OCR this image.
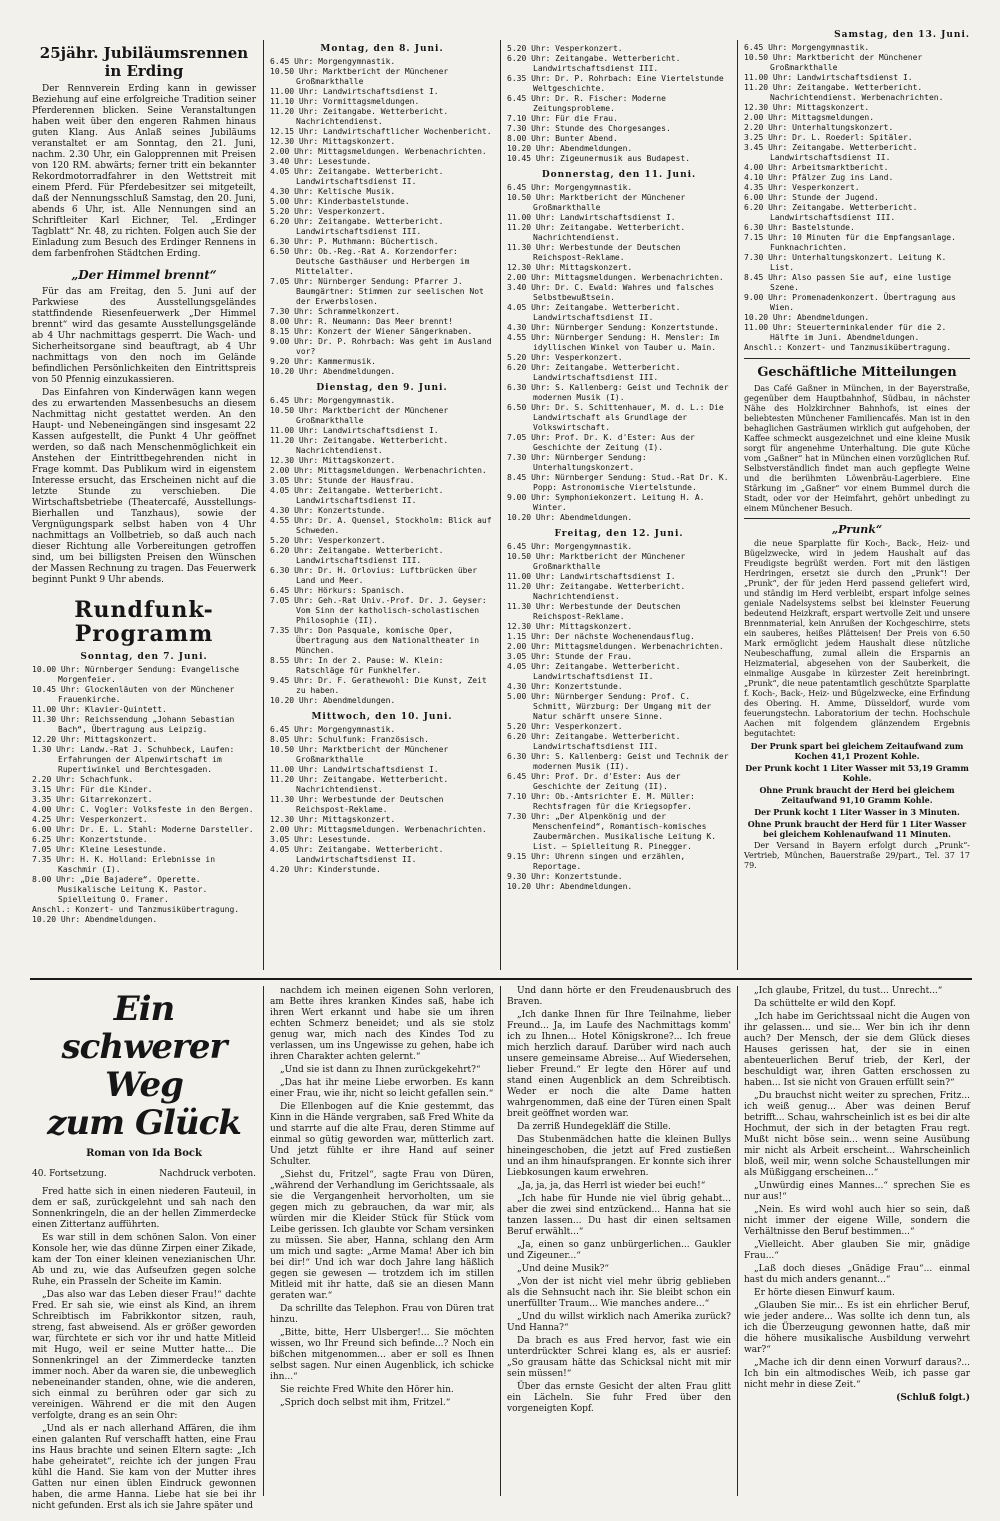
25jähr. Jubiläumsrennen in Erding

Der Rennverein Erding kann in gewisser Beziehung auf eine erfolgreiche Tradition seiner Pferderennen blicken. Seine Veranstaltungen haben weit über den engeren Rahmen hinaus guten Klang. Aus Anlaß seines Jubiläums veranstaltet er am Sonntag, den 21. Juni, nachm. 2.30 Uhr, ein Galopprennen mit Preisen von 120 RM. abwärts; ferner tritt ein bekannter Rekordmotorradfahrer in den Wettstreit mit einem Pferd. Für Pferdebesitzer sei mitgeteilt, daß der Nennungsschluß Samstag, den 20. Juni, abends 6 Uhr, ist. Alle Nennungen sind an Schriftleiter Karl Eichner, Tel. „Erdinger Tagblatt“ Nr. 48, zu richten. Folgen auch Sie der Einladung zum Besuch des Erdinger Rennens in dem farbenfrohen Städtchen Erding.

„Der Himmel brennt“

Für das am Freitag, den 5. Juni auf der Parkwiese des Ausstellungsgeländes stattfindende Riesenfeuerwerk „Der Himmel brennt“ wird das gesamte Ausstellungsgelände ab 4 Uhr nachmittags gesperrt. Die Wach- und Sicherheitsorgane sind beauftragt, ab 4 Uhr nachmittags von den noch im Gelände befindlichen Persönlichkeiten den Eintrittspreis von 50 Pfennig einzukassieren.

Das Einfahren von Kinderwägen kann wegen des zu erwartenden Massenbesuchs an diesem Nachmittag nicht gestattet werden. An den Haupt- und Nebeneingängen sind insgesamt 22 Kassen aufgestellt, die Punkt 4 Uhr geöffnet werden, so daß nach Menschenmöglichkeit ein Anstehen der Eintrittbegehrenden nicht in Frage kommt. Das Publikum wird in eigenstem Interesse ersucht, das Erscheinen nicht auf die letzte Stunde zu verschieben. Die Wirtschaftsbetriebe (Theatercafé, Ausstellungs-Bierhallen und Tanzhaus), sowie der Vergnügungspark selbst haben von 4 Uhr nachmittags an Vollbetrieb, so daß auch nach dieser Richtung alle Vorbereitungen getroffen sind, um bei billigsten Preisen den Wünschen der Massen Rechnung zu tragen. Das Feuerwerk beginnt Punkt 9 Uhr abends.

Rundfunk-Programm
Sonntag, den 7. Juni.
10.00 Uhr: Nürnberger Sendung: Evangelische Morgenfeier.
10.45 Uhr: Glockenläuten von der Münchener Frauenkirche.
11.00 Uhr: Klavier-Quintett.
11.30 Uhr: Reichssendung „Johann Sebastian Bach“, Übertragung aus Leipzig.
12.20 Uhr: Mittagskonzert.
1.30 Uhr: Landw.-Rat J. Schuhbeck, Laufen: Erfahrungen der Alpenwirtschaft im Rupertiwinkel und Berchtesgaden.
2.20 Uhr: Schachfunk.
3.15 Uhr: Für die Kinder.
3.35 Uhr: Gitarrekonzert.
4.00 Uhr: C. Vogler: Volksfeste in den Bergen.
4.25 Uhr: Vesperkonzert.
6.00 Uhr: Dr. E. L. Stahl: Moderne Darsteller.
6.25 Uhr: Konzertstunde.
7.05 Uhr: Kleine Lesestunde.
7.35 Uhr: H. K. Holland: Erlebnisse in Kaschmir (I).
8.00 Uhr: „Die Bajadere“. Operette. Musikalische Leitung K. Pastor. Spielleitung O. Framer.
Anschl.: Konzert- und Tanzmusikübertragung.
10.20 Uhr: Abendmeldungen.
Montag, den 8. Juni.
6.45 Uhr: Morgengymnastik.
10.50 Uhr: Marktbericht der Münchener Großmarkthalle
11.00 Uhr: Landwirtschaftsdienst I.
11.10 Uhr: Vormittagsmeldungen.
11.20 Uhr: Zeitangabe. Wetterbericht. Nachrichtendienst.
12.15 Uhr: Landwirtschaftlicher Wochenbericht.
12.30 Uhr: Mittagskonzert.
2.00 Uhr: Mittagsmeldungen. Werbenachrichten.
3.40 Uhr: Lesestunde.
4.05 Uhr: Zeitangabe. Wetterbericht. Landwirtschaftsdienst II.
4.30 Uhr: Keltische Musik.
5.00 Uhr: Kinderbastelstunde.
5.20 Uhr: Vesperkonzert.
6.20 Uhr: Zeitangabe. Wetterbericht. Landwirtschaftsdienst III.
6.30 Uhr: P. Muthmann: Büchertisch.
6.50 Uhr: Ob.-Reg.-Rat A. Korzendorfer: Deutsche Gasthäuser und Herbergen im Mittelalter.
7.05 Uhr: Nürnberger Sendung: Pfarrer J. Baumgärtner: Stimmen zur seelischen Not der Erwerbslosen.
7.30 Uhr: Schrammelkonzert.
8.00 Uhr: R. Neumann: Das Meer brennt!
8.15 Uhr: Konzert der Wiener Sängerknaben.
9.00 Uhr: Dr. P. Rohrbach: Was geht im Ausland vor?
9.20 Uhr: Kammermusik.
10.20 Uhr: Abendmeldungen.
Dienstag, den 9. Juni.
6.45 Uhr: Morgengymnastik.
10.50 Uhr: Marktbericht der Münchener Großmarkthalle
11.00 Uhr: Landwirtschaftsdienst I.
11.20 Uhr: Zeitangabe. Wetterbericht. Nachrichtendienst.
12.30 Uhr: Mittagskonzert.
2.00 Uhr: Mittagsmeldungen. Werbenachrichten.
3.05 Uhr: Stunde der Hausfrau.
4.05 Uhr: Zeitangabe. Wetterbericht. Landwirtschaftsdienst II.
4.30 Uhr: Konzertstunde.
4.55 Uhr: Dr. A. Quensel, Stockholm: Blick auf Schweden.
5.20 Uhr: Vesperkonzert.
6.20 Uhr: Zeitangabe. Wetterbericht. Landwirtschaftsdienst III.
6.30 Uhr: Dr. H. Orlovius: Luftbrücken über Land und Meer.
6.45 Uhr: Hörkurs: Spanisch.
7.05 Uhr: Geh.-Rat Univ.-Prof. Dr. J. Geyser: Vom Sinn der katholisch-scholastischen Philosophie (II).
7.35 Uhr: Don Pasquale, komische Oper, Übertragung aus dem Nationaltheater in München.
8.55 Uhr: In der 2. Pause: W. Klein: Ratschläge für Funkhelfer.
9.45 Uhr: Dr. F. Gerathewohl: Die Kunst, Zeit zu haben.
10.20 Uhr: Abendmeldungen.
Mittwoch, den 10. Juni.
6.45 Uhr: Morgengymnastik.
8.05 Uhr: Schulfunk: Französisch.
10.50 Uhr: Marktbericht der Münchener Großmarkthalle
11.00 Uhr: Landwirtschaftsdienst I.
11.20 Uhr: Zeitangabe. Wetterbericht. Nachrichtendienst.
11.30 Uhr: Werbestunde der Deutschen Reichspost-Reklame.
12.30 Uhr: Mittagskonzert.
2.00 Uhr: Mittagsmeldungen. Werbenachrichten.
3.05 Uhr: Lesestunde.
4.05 Uhr: Zeitangabe. Wetterbericht. Landwirtschaftsdienst II.
4.20 Uhr: Kinderstunde.
5.20 Uhr: Vesperkonzert.
6.20 Uhr: Zeitangabe. Wetterbericht. Landwirtschaftsdienst III.
6.35 Uhr: Dr. P. Rohrbach: Eine Viertelstunde Weltgeschichte.
6.45 Uhr: Dr. R. Fischer: Moderne Zeitungsprobleme.
7.10 Uhr: Für die Frau.
7.30 Uhr: Stunde des Chorgesanges.
8.00 Uhr: Bunter Abend.
10.20 Uhr: Abendmeldungen.
10.45 Uhr: Zigeunermusik aus Budapest.
Donnerstag, den 11. Juni.
6.45 Uhr: Morgengymnastik.
10.50 Uhr: Marktbericht der Münchener Großmarkthalle
11.00 Uhr: Landwirtschaftsdienst I.
11.20 Uhr: Zeitangabe. Wetterbericht. Nachrichtendienst.
11.30 Uhr: Werbestunde der Deutschen Reichspost-Reklame.
12.30 Uhr: Mittagskonzert.
2.00 Uhr: Mittagsmeldungen. Werbenachrichten.
3.40 Uhr: Dr. C. Ewald: Wahres und falsches Selbstbewußtsein.
4.05 Uhr: Zeitangabe. Wetterbericht. Landwirtschaftsdienst II.
4.30 Uhr: Nürnberger Sendung: Konzertstunde.
4.55 Uhr: Nürnberger Sendung: H. Mensler: Im idyllischen Winkel von Tauber u. Main.
5.20 Uhr: Vesperkonzert.
6.20 Uhr: Zeitangabe. Wetterbericht. Landwirtschaftsdienst III.
6.30 Uhr: S. Kallenberg: Geist und Technik der modernen Musik (I).
6.50 Uhr: Dr. S. Schittenhauer, M. d. L.: Die Landwirtschaft als Grundlage der Volkswirtschaft.
7.05 Uhr: Prof. Dr. K. d'Ester: Aus der Geschichte der Zeitung (I).
7.30 Uhr: Nürnberger Sendung: Unterhaltungskonzert.
8.45 Uhr: Nürnberger Sendung: Stud.-Rat Dr. K. Popp: Astronomische Viertelstunde.
9.00 Uhr: Symphoniekonzert. Leitung H. A. Winter.
10.20 Uhr: Abendmeldungen.
Freitag, den 12. Juni.
6.45 Uhr: Morgengymnastik.
10.50 Uhr: Marktbericht der Münchener Großmarkthalle
11.00 Uhr: Landwirtschaftsdienst I.
11.20 Uhr: Zeitangabe. Wetterbericht. Nachrichtendienst.
11.30 Uhr: Werbestunde der Deutschen Reichspost-Reklame.
12.30 Uhr: Mittagskonzert.
1.15 Uhr: Der nächste Wochenendausflug.
2.00 Uhr: Mittagsmeldungen. Werbenachrichten.
3.05 Uhr: Stunde der Frau.
4.05 Uhr: Zeitangabe. Wetterbericht. Landwirtschaftsdienst II.
4.30 Uhr: Konzertstunde.
5.00 Uhr: Nürnberger Sendung: Prof. C. Schmitt, Würzburg: Der Umgang mit der Natur schärft unsere Sinne.
5.20 Uhr: Vesperkonzert.
6.20 Uhr: Zeitangabe. Wetterbericht. Landwirtschaftsdienst III.
6.30 Uhr: S. Kallenberg: Geist und Technik der modernen Musik (II).
6.45 Uhr: Prof. Dr. d'Ester: Aus der Geschichte der Zeitung (II).
7.10 Uhr: Ob.-Amtsrichter E. M. Müller: Rechtsfragen für die Kriegsopfer.
7.30 Uhr: „Der Alpenkönig und der Menschenfeind“, Romantisch-komisches Zaubermärchen. Musikalische Leitung K. List. — Spielleitung R. Pinegger.
9.15 Uhr: Uhrenn singen und erzählen, Reportage.
9.30 Uhr: Konzertstunde.
10.20 Uhr: Abendmeldungen.
Samstag, den 13. Juni.
6.45 Uhr: Morgengymnastik.
10.50 Uhr: Marktbericht der Münchener Großmarkthalle
11.00 Uhr: Landwirtschaftsdienst I.
11.20 Uhr: Zeitangabe. Wetterbericht. Nachrichtendienst. Werbenachrichten.
12.30 Uhr: Mittagskonzert.
2.00 Uhr: Mittagsmeldungen.
2.20 Uhr: Unterhaltungskonzert.
3.25 Uhr: Dr. L. Roederl: Spitäler.
3.45 Uhr: Zeitangabe. Wetterbericht. Landwirtschaftsdienst II.
4.00 Uhr: Arbeitsmarktbericht.
4.10 Uhr: Pfälzer Zug ins Land.
4.35 Uhr: Vesperkonzert.
6.00 Uhr: Stunde der Jugend.
6.20 Uhr: Zeitangabe. Wetterbericht. Landwirtschaftsdienst III.
6.30 Uhr: Bastelstunde.
7.15 Uhr: 10 Minuten für die Empfangsanlage. Funknachrichten.
7.30 Uhr: Unterhaltungskonzert. Leitung K. List.
8.45 Uhr: Also passen Sie auf, eine lustige Szene.
9.00 Uhr: Promenadenkonzert. Übertragung aus Wien.
10.20 Uhr: Abendmeldungen.
11.00 Uhr: Steuerterminkalender für die 2. Hälfte im Juni. Abendmeldungen.
Anschl.: Konzert- und Tanzmusikübertragung.
Geschäftliche Mitteilungen

Das Café Gaßner in München, in der Bayerstraße, gegenüber dem Hauptbahnhof, Südbau, in nächster Nähe des Holzkirchner Bahnhofs, ist eines der beliebtesten Münchener Familiencafés. Man ist in den behaglichen Gasträumen wirklich gut aufgehoben, der Kaffee schmeckt ausgezeichnet und eine kleine Musik sorgt für angenehme Unterhaltung. Die gute Küche vom „Gaßner“ hat in München einen vorzüglichen Ruf. Selbstverständlich findet man auch gepflegte Weine und die berühmten Löwenbräu-Lagerbiere. Eine Stärkung im „Gaßner“ vor einem Bummel durch die Stadt, oder vor der Heimfahrt, gehört unbedingt zu einem Münchener Besuch.

„Prunk“

die neue Sparplatte für Koch-, Back-, Heiz- und Bügelzwecke, wird in jedem Haushalt auf das Freudigste begrüßt werden. Fort mit den lästigen Herdringen, ersetzt sie durch den „Prunk“! Der „Prunk“, der für jeden Herd passend geliefert wird, und ständig im Herd verbleibt, erspart infolge seines geniale Nadelsystems selbst bei kleinster Feuerung bedeutend Heizkraft, erspart wertvolle Zeit und unsere Brennmaterial, kein Anrußen der Kochgeschirre, stets ein sauberes, heißes Plätteisen! Der Preis von 6.50 Mark ermöglicht jedem Haushalt diese nützliche Neubeschaffung, zumal allein die Ersparnis an Heizmaterial, abgesehen von der Sauberkeit, die einmalige Ausgabe in kürzester Zeit hereinbringt. „Prunk“, die neue patentamtlich geschützte Sparplatte f. Koch-, Back-, Heiz- und Bügelzwecke, eine Erfindung des Obering. H. Amme, Düsseldorf, wurde vom feuerungstechn. Laboratorium der techn. Hochschule Aachen mit folgendem glänzendem Ergebnis begutachtet:

Der Prunk spart bei gleichem Zeitaufwand zum Kochen 41,1 Prozent Kohle.

Der Prunk kocht 1 Liter Wasser mit 53,19 Gramm Kohle.

Ohne Prunk braucht der Herd bei gleichem Zeitaufwand 91,10 Gramm Kohle.

Der Prunk kocht 1 Liter Wasser in 3 Minuten.

Ohne Prunk braucht der Herd für 1 Liter Wasser bei gleichem Kohlenaufwand 11 Minuten.

Der Versand in Bayern erfolgt durch „Prunk“-Vertrieb, München, Bauerstraße 29/part., Tel. 37 17 79.

Ein schwerer Weg
zum Glück
Roman von Ida Bock
40. Fortsetzung.	Nachdruck verboten.

Fred hatte sich in einen niederen Fauteuil, in dem er saß, zurückgelehnt und sah nach den Sonnenkringeln, die an der hellen Zimmerdecke einen Zittertanz aufführten.

Es war still in dem schönen Salon. Von einer Konsole her, wie das dünne Zirpen einer Zikade, kam der Ton einer kleinen venezianischen Uhr. Ab und zu, wie das Aufseufzen gegen solche Ruhe, ein Prasseln der Scheite im Kamin.

„Das also war das Leben dieser Frau!“ dachte Fred. Er sah sie, wie einst als Kind, an ihrem Schreibtisch im Fabrikkontor sitzen, rauh, streng, fast abweisend. Als er größer geworden war, fürchtete er sich vor ihr und hatte Mitleid mit Hugo, weil er seine Mutter hatte... Die Sonnenkringel an der Zimmerdecke tanzten immer noch. Aber da waren sie, die unbeweglich nebeneinander standen, ohne, wie die anderen, sich einmal zu berühren oder gar sich zu vereinigen. Während er die mit den Augen verfolgte, drang es an sein Ohr:

„Und als er nach allerhand Affären, die ihm einen galanten Ruf verschafft hatten, eine Frau ins Haus brachte und seinen Eltern sagte: „Ich habe geheiratet“, reichte ich der jungen Frau kühl die Hand. Sie kam von der Mutter ihres Gatten nur einen üblen Eindruck gewonnen haben, die arme Hanna. Liebe hat sie bei ihr nicht gefunden. Erst als ich sie Jahre später und

nachdem ich meinen eigenen Sohn verloren, am Bette ihres kranken Kindes saß, habe ich ihren Wert erkannt und habe sie um ihren echten Schmerz beneidet; und als sie stolz genug war, mich nach des Kindes Tod zu verlassen, um ins Ungewisse zu gehen, habe ich ihren Charakter achten gelernt.“

„Und sie ist dann zu Ihnen zurückgekehrt?“

„Das hat ihr meine Liebe erworben. Es kann einer Frau, wie ihr, nicht so leicht gefallen sein.“

Die Ellenbogen auf die Knie gestemmt, das Kinn in die Hände vergraben, saß Fred White da und starrte auf die alte Frau, deren Stimme auf einmal so gütig geworden war, mütterlich zart. Und jetzt fühlte er ihre Hand auf seiner Schulter.

„Siehst du, Fritzel“, sagte Frau von Düren, „während der Verhandlung im Gerichtssaale, als sie die Vergangenheit hervorholten, um sie gegen mich zu gebrauchen, da war mir, als würden mir die Kleider Stück für Stück vom Leibe gerissen. Ich glaubte vor Scham versinken zu müssen. Sie aber, Hanna, schlang den Arm um mich und sagte: „Arme Mama! Aber ich bin bei dir!“ Und ich war doch Jahre lang häßlich gegen sie gewesen — trotzdem ich im stillen Mitleid mit ihr hatte, daß sie an diesen Mann geraten war.“

Da schrillte das Telephon. Frau von Düren trat hinzu.

„Bitte, bitte, Herr Ulsberger!... Sie möchten wissen, wo Ihr Freund sich befinde...? Noch ein bißchen mitgenommen... aber er soll es Ihnen selbst sagen. Nur einen Augenblick, ich schicke ihn...“

Sie reichte Fred White den Hörer hin.

„Sprich doch selbst mit ihm, Fritzel.“

Und dann hörte er den Freudenausbruch des Braven.

„Ich danke Ihnen für Ihre Teilnahme, lieber Freund... Ja, im Laufe des Nachmittags komm' ich zu Ihnen... Hotel Königskrone?... Ich freue mich herzlich darauf. Darüber wird nach auch unsere gemeinsame Abreise... Auf Wiedersehen, lieber Freund.“ Er legte den Hörer auf und stand einen Augenblick an dem Schreibtisch. Weder er noch die alte Dame hatten wahrgenommen, daß eine der Türen einen Spalt breit geöffnet worden war.

Da zerriß Hundegekläff die Stille.

Das Stubenmädchen hatte die kleinen Bullys hineingeschoben, die jetzt auf Fred zustießen und an ihm hinaufsprangen. Er konnte sich ihrer Liebkosungen kaum erwehren.

„Ja, ja, ja, das Herrl ist wieder bei euch!“

„Ich habe für Hunde nie viel übrig gehabt... aber die zwei sind entzückend... Hanna hat sie tanzen lassen... Du hast dir einen seltsamen Beruf erwählt...“

„Ja, einen so ganz unbürgerlichen... Gaukler und Zigeuner...“

„Und deine Musik?“

„Von der ist nicht viel mehr übrig geblieben als die Sehnsucht nach ihr. Sie bleibt schon ein unerfüllter Traum... Wie manches andere...“

„Und du willst wirklich nach Amerika zurück? Und Hanna?“

Da brach es aus Fred hervor, fast wie ein unterdrückter Schrei klang es, als er ausrief: „So grausam hätte das Schicksal nicht mit mir sein müssen!“

Über das ernste Gesicht der alten Frau glitt ein Lächeln. Sie fuhr Fred über den vorgeneigten Kopf.

„Ich glaube, Fritzel, du tust... Unrecht...“

Da schüttelte er wild den Kopf.

„Ich habe im Gerichtssaal nicht die Augen von ihr gelassen... und sie... Wer bin ich ihr denn auch? Der Mensch, der sie dem Glück dieses Hauses gerissen hat, der sie in einen abenteuerlichen Beruf trieb, der Kerl, der beschuldigt war, ihren Gatten erschossen zu haben... Ist sie nicht von Grauen erfüllt sein?“

„Du brauchst nicht weiter zu sprechen, Fritz... ich weiß genug... Aber was deinen Beruf betrifft... Schau, wahrscheinlich ist es bei dir alte Hochmut, der sich in der betagten Frau regt. Mußt nicht böse sein... wenn seine Ausübung mir nicht als Arbeit erscheint... Wahrscheinlich bloß, weil mir, wenn solche Schaustellungen mir als Müßiggang erscheinen...“

„Unwürdig eines Mannes...“ sprechen Sie es nur aus!“

„Nein. Es wird wohl auch hier so sein, daß nicht immer der eigene Wille, sondern die Verhältnisse den Beruf bestimmen...“

„Vielleicht. Aber glauben Sie mir, gnädige Frau...“

„Laß doch dieses „Gnädige Frau“... einmal hast du mich anders genannt...“

Er hörte diesen Einwurf kaum.

„Glauben Sie mir... Es ist ein ehrlicher Beruf, wie jeder andere... Was sollte ich denn tun, als ich die Überzeugung gewonnen hatte, daß mir die höhere musikalische Ausbildung verwehrt war?“

„Mache ich dir denn einen Vorwurf daraus?... Ich bin ein altmodisches Weib, ich passe gar nicht mehr in diese Zeit.“

(Schluß folgt.)
